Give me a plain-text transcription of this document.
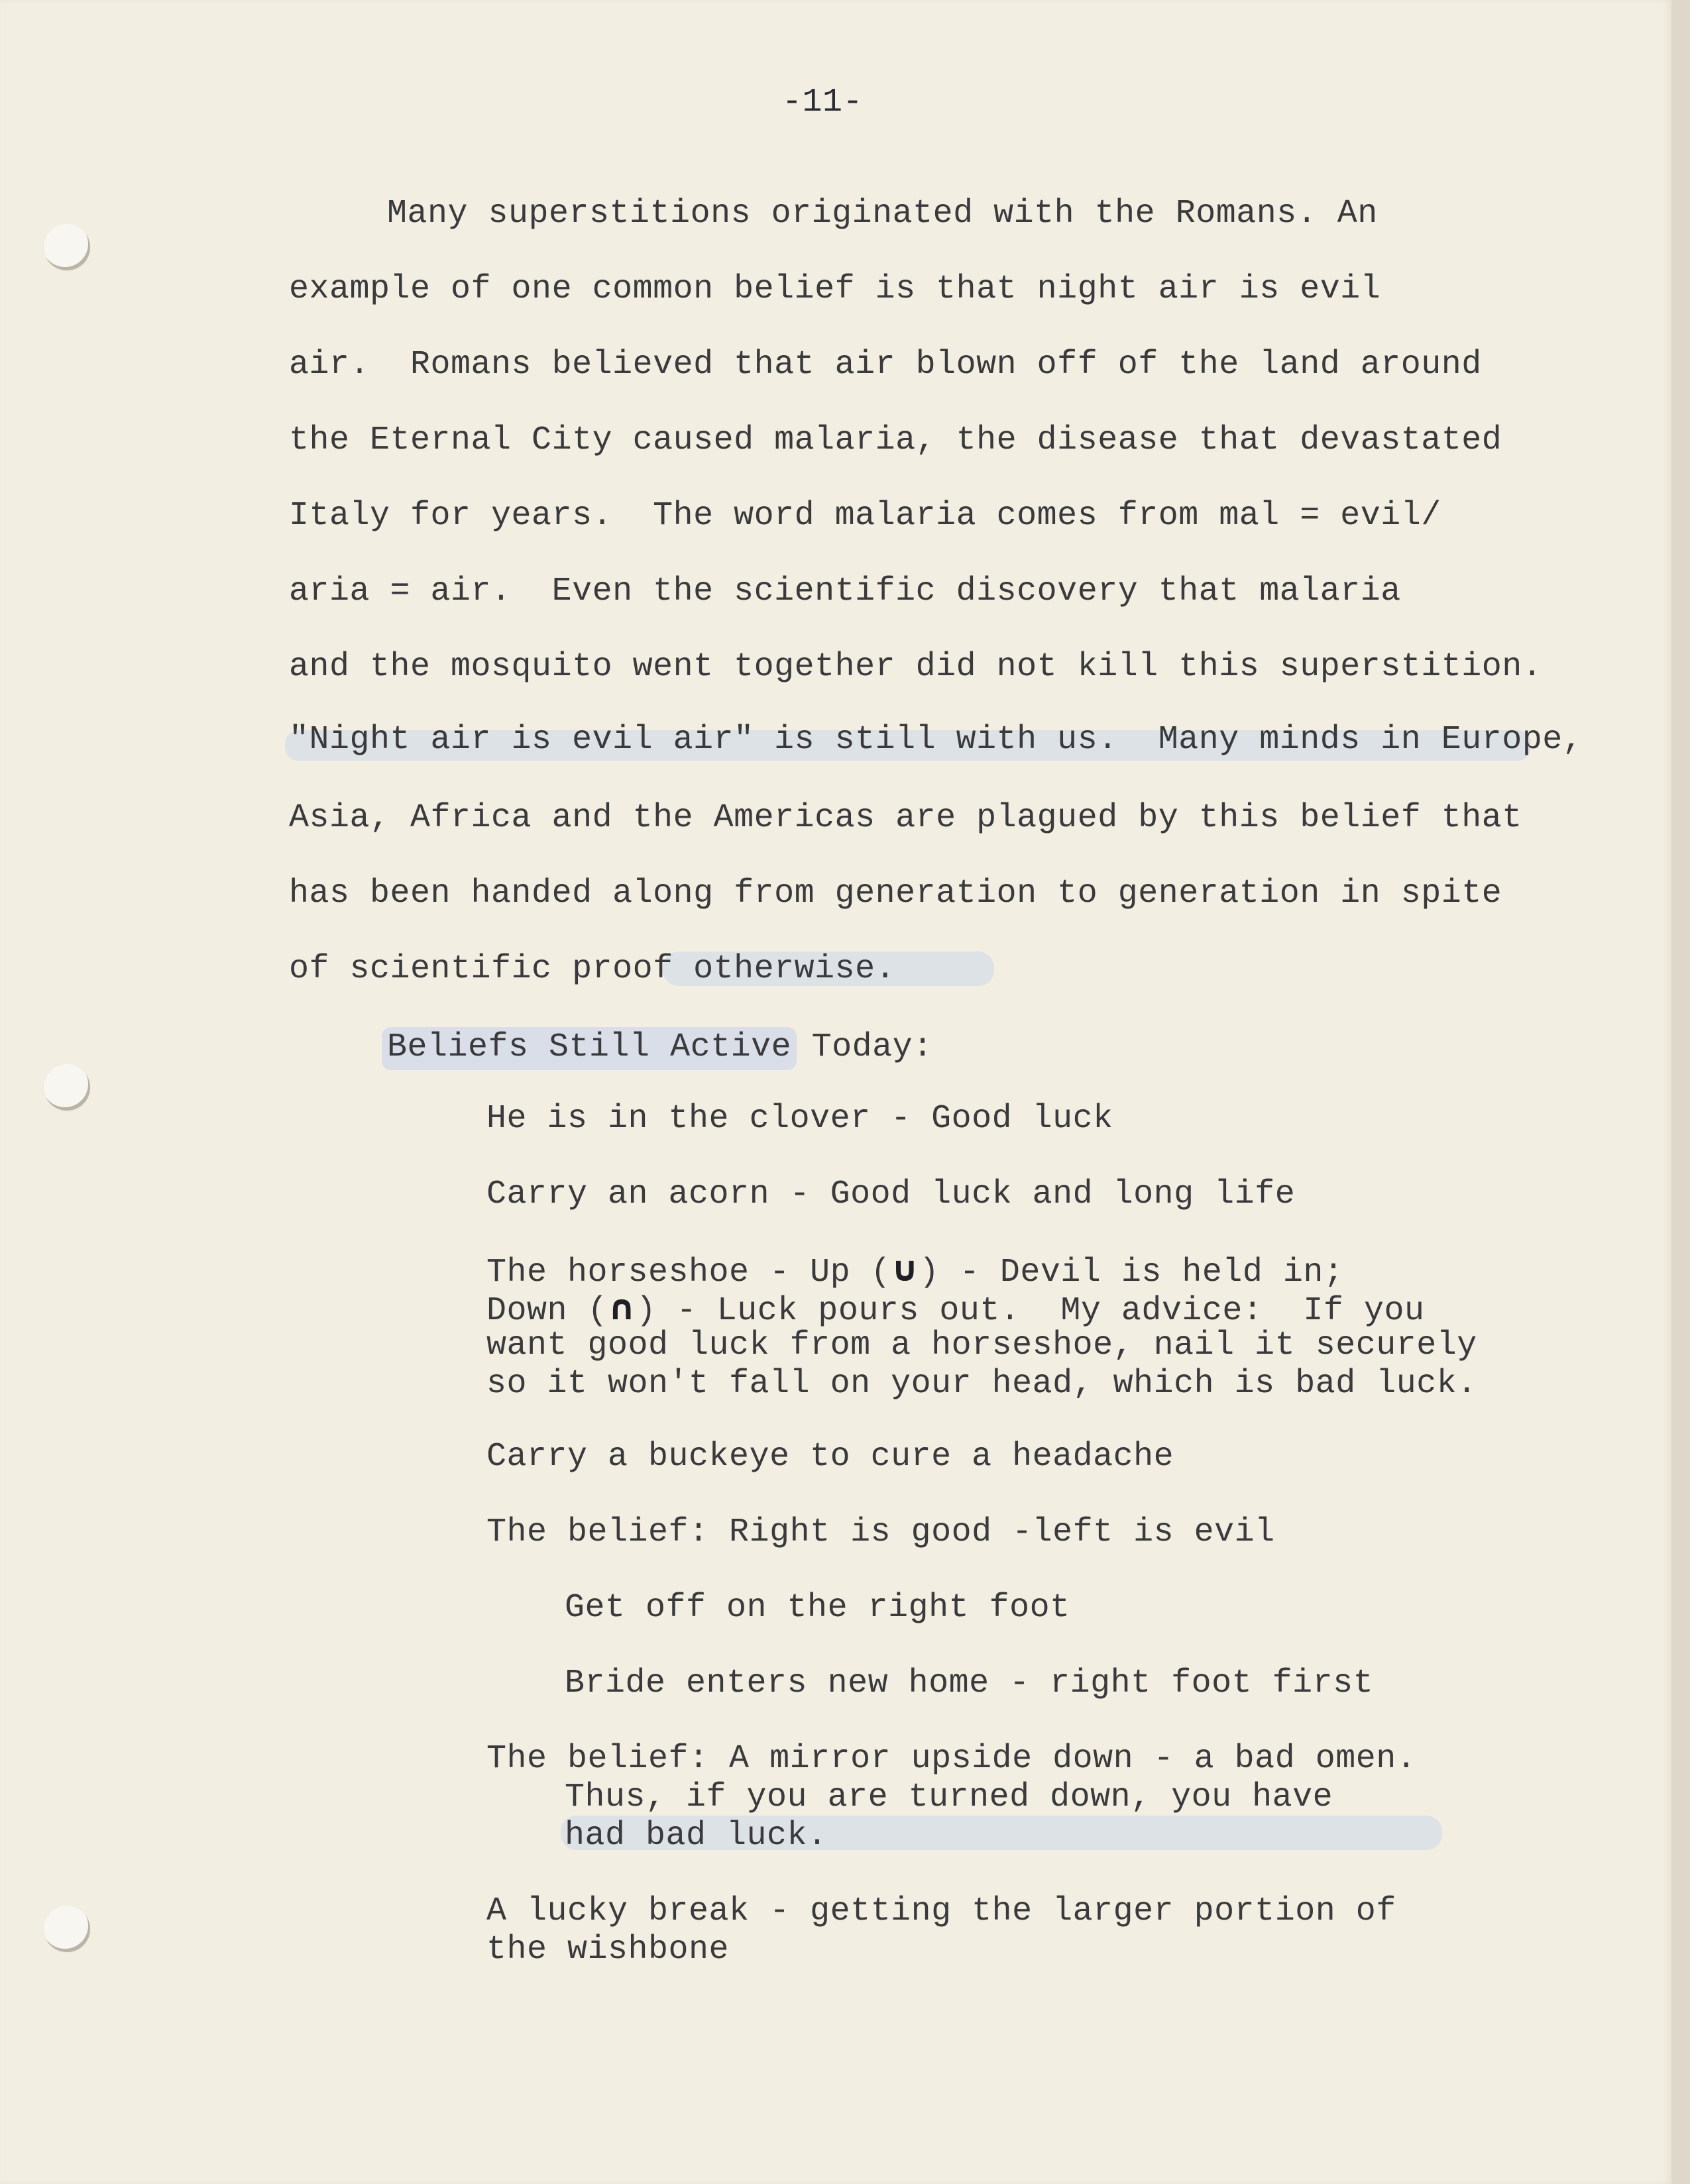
-11-
Many superstitions originated with the Romans. An
example of one common belief is that night air is evil
air.  Romans believed that air blown off of the land around
the Eternal City caused malaria, the disease that devastated
Italy for years.  The word malaria comes from mal = evil/
aria = air.  Even the scientific discovery that malaria
and the mosquito went together did not kill this superstition.
"Night air is evil air" is still with us.  Many minds in Europe,
Asia, Africa and the Americas are plagued by this belief that
has been handed along from generation to generation in spite
of scientific proof otherwise.
Beliefs Still Active Today:
He is in the clover - Good luck
Carry an acorn - Good luck and long life
The horseshoe - Up (∪) - Devil is held in;
Down (∩) - Luck pours out.  My advice:  If you
want good luck from a horseshoe, nail it securely
so it won't fall on your head, which is bad luck.
Carry a buckeye to cure a headache
The belief: Right is good -left is evil
Get off on the right foot
Bride enters new home - right foot first
The belief: A mirror upside down - a bad omen.
Thus, if you are turned down, you have
had bad luck.
A lucky break - getting the larger portion of
the wishbone
